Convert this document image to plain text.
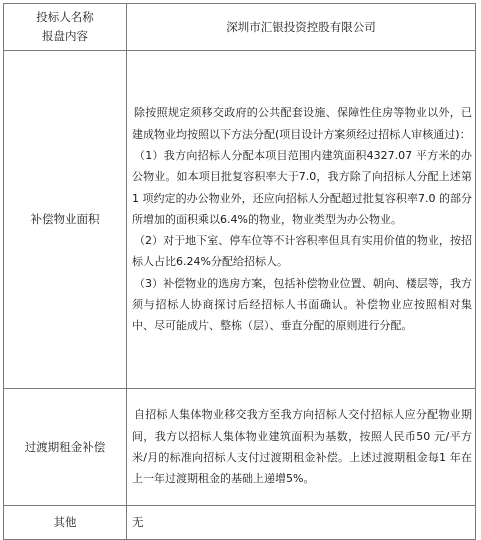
投标人名称
报盘内容	深圳市汇银投资控股有限公司
补偿物业面积	除按照规定须移交政府的公共配套设施、保障性住房等物业以外，已建成物业均按照以下方法分配(项目设计方案须经过招标人审核通过)：

（1）我方向招标人分配本项目范围内建筑面积4327.07 平方米的办公物业。如本项目批复容积率大于7.0，我方除了向招标人分配上述第1 项约定的办公物业外，还应向招标人分配超过批复容积率7.0 的部分所增加的面积乘以6.4%的物业，物业类型为办公物业。

（2）对于地下室、停车位等不计容积率但具有实用价值的物业，按招标人占比6.24%分配给招标人。

（3）补偿物业的选房方案，包括补偿物业位置、朝向、楼层等，我方须与招标人协商探讨后经招标人书面确认。补偿物业应按照相对集中、尽可能成片、整栋（层）、垂直分配的原则进行分配。

过渡期租金补偿	自招标人集体物业移交我方至我方向招标人交付招标人应分配物业期间，我方以招标人集体物业建筑面积为基数，按照人民币50 元/平方米/月的标准向招标人支付过渡期租金补偿。上述过渡期租金每1 年在上一年过渡期租金的基础上递增5%。

其他	无
